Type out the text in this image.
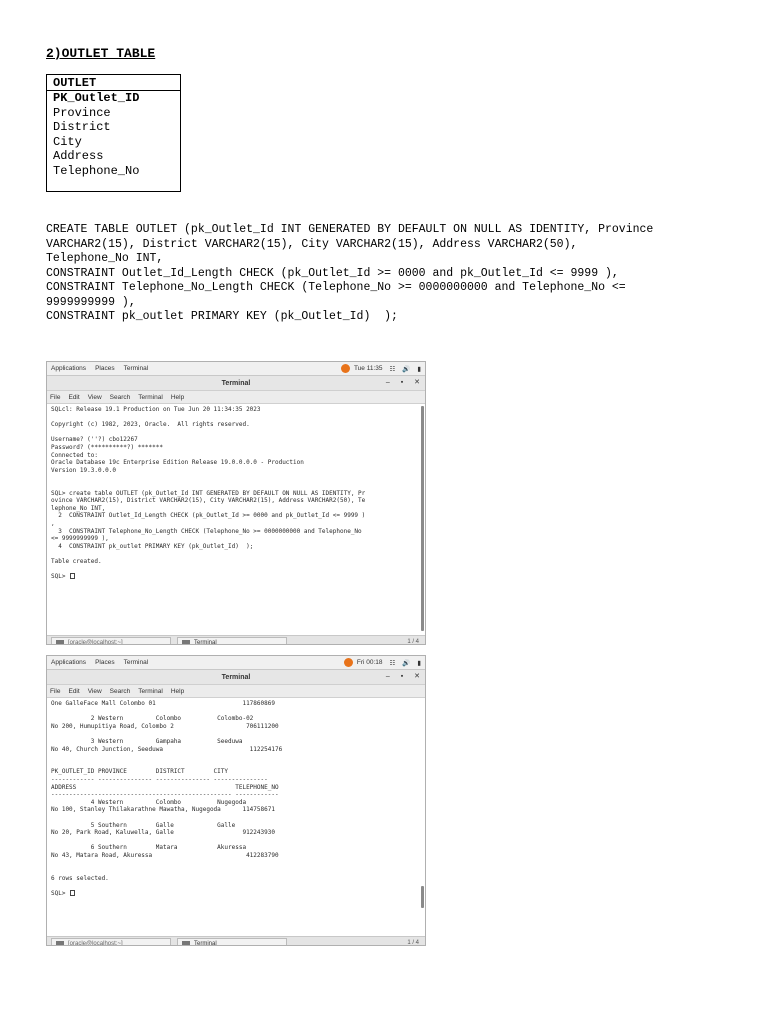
2)OUTLET TABLE
OUTLET
PK_Outlet_ID
Province
District
City
Address
Telephone_No
CREATE TABLE OUTLET (pk_Outlet_Id INT GENERATED BY DEFAULT ON NULL AS IDENTITY, Province
VARCHAR2(15), District VARCHAR2(15), City VARCHAR2(15), Address VARCHAR2(50),
Telephone_No INT,
CONSTRAINT Outlet_Id_Length CHECK (pk_Outlet_Id >= 0000 and pk_Outlet_Id <= 9999 ),
CONSTRAINT Telephone_No_Length CHECK (Telephone_No >= 0000000000 and Telephone_No <=
9999999999 ),
CONSTRAINT pk_outlet PRIMARY KEY (pk_Outlet_Id)  );
Applications Places Terminal	Tue 11:35 ☷ 🔊 ▮
Terminal	– ▪ ✕
File Edit View Search Terminal Help
SQLcl: Release 19.1 Production on Tue Jun 20 11:34:35 2023
Copyright (c) 1982, 2023, Oracle.  All rights reserved.
Username? (''?) cbo12267
Password? (**********?) *******
Connected to:
Oracle Database 19c Enterprise Edition Release 19.0.0.0.0 - Production
Version 19.3.0.0.0
SQL> create table OUTLET (pk_Outlet_Id INT GENERATED BY DEFAULT ON NULL AS IDENTITY, Pr
ovince VARCHAR2(15), District VARCHAR2(15), City VARCHAR2(15), Address VARCHAR2(50), Te
lephone_No INT,
2  CONSTRAINT Outlet_Id_Length CHECK (pk_Outlet_Id >= 0000 and pk_Outlet_Id <= 9999 )
,
3  CONSTRAINT Telephone_No_Length CHECK (Telephone_No >= 0000000000 and Telephone_No
<= 9999999999 ),
4  CONSTRAINT pk_outlet PRIMARY KEY (pk_Outlet_Id)  );
Table created.
SQL>
[oracle@localhost:~]	Terminal	1 / 4
Applications Places Terminal	Fri 00:18 ☷ 🔊 ▮
Terminal	– ▪ ✕
File Edit View Search Terminal Help
One GalleFace Mall Colombo 01                        117860869
2 Western         Colombo          Colombo-02
No 200, Humupitiya Road, Colombo 2                    706111200
3 Western         Gampaha          Seeduwa
No 40, Church Junction, Seeduwa                        112254176
PK_OUTLET_ID PROVINCE        DISTRICT        CITY
------------ --------------- --------------- ---------------
ADDRESS                                            TELEPHONE_NO
-------------------------------------------------- ------------
4 Western         Colombo          Nugegoda
No 100, Stanley Thilakarathne Mawatha, Nugegoda      114758671
5 Southern        Galle            Galle
No 20, Park Road, Kaluwella, Galle                   912243930
6 Southern        Matara           Akuressa
No 43, Matara Road, Akuressa                          412283790
6 rows selected.
SQL>
[oracle@localhost:~]	Terminal	1 / 4
